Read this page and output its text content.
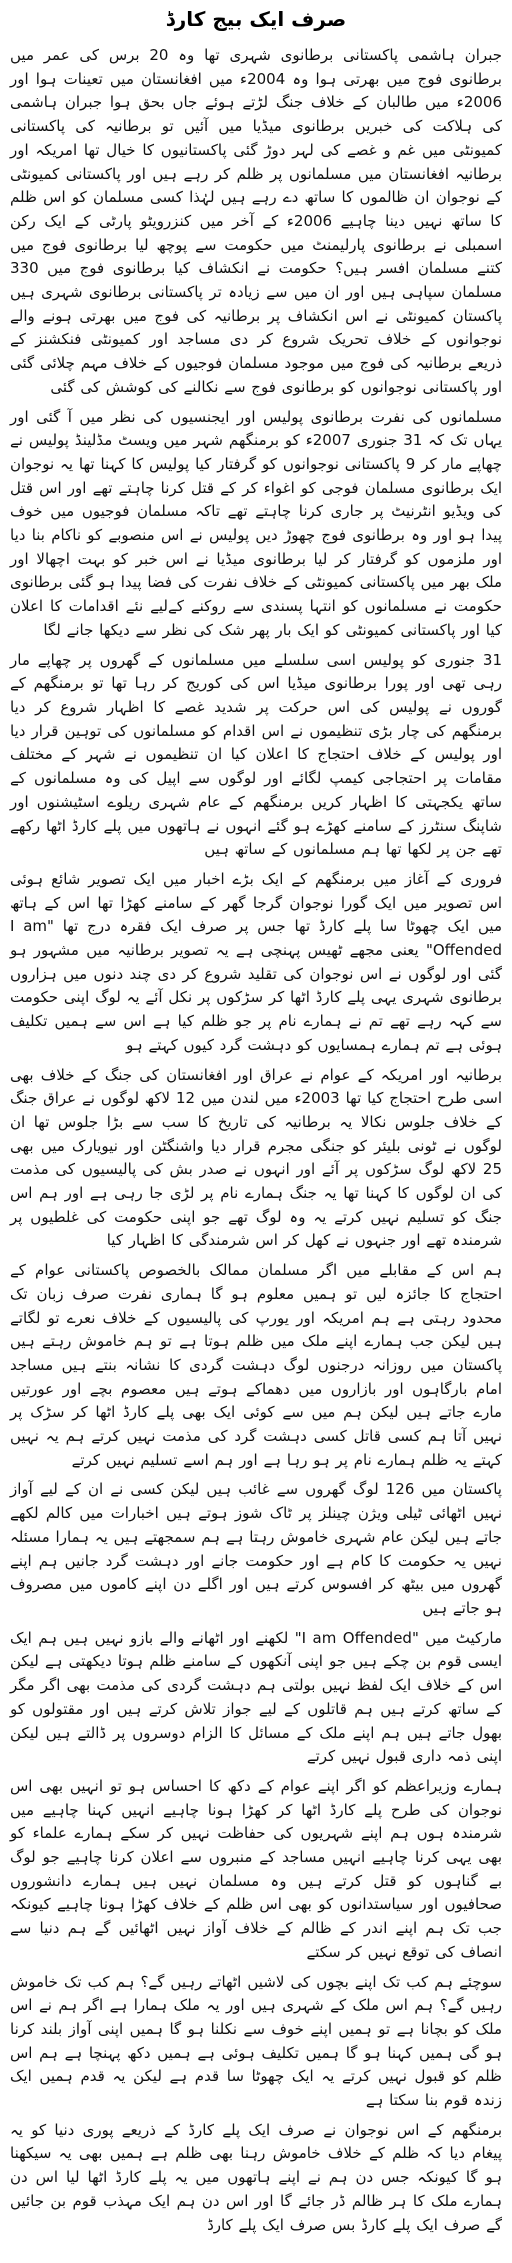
صرف ایک بیج کارڈ

جبران ہاشمی پاکستانی برطانوی شہری تھا وہ 20 برس کی عمر میں برطانوی فوج میں بھرتی ہوا وہ 2004ء میں افغانستان میں تعینات ہوا اور 2006ء میں طالبان کے خلاف جنگ لڑتے ہوئے جاں بحق ہوا جبران ہاشمی کی ہلاکت کی خبریں برطانوی میڈیا میں آئیں تو برطانیہ کی پاکستانی کمیونٹی میں غم و غصے کی لہر دوڑ گئی پاکستانیوں کا خیال تھا امریکہ اور برطانیہ افغانستان میں مسلمانوں پر ظلم کر رہے ہیں اور پاکستانی کمیونٹی کے نوجوان ان ظالموں کا ساتھ دے رہے ہیں لہٰذا کسی مسلمان کو اس ظلم کا ساتھ نہیں دینا چاہیے 2006ء کے آخر میں کنزرویٹو پارٹی کے ایک رکن اسمبلی نے برطانوی پارلیمنٹ میں حکومت سے پوچھ لیا برطانوی فوج میں کتنے مسلمان افسر ہیں؟ حکومت نے انکشاف کیا برطانوی فوج میں 330 مسلمان سپاہی ہیں اور ان میں سے زیادہ تر پاکستانی برطانوی شہری ہیں پاکستان کمیونٹی نے اس انکشاف پر برطانیہ کی فوج میں بھرتی ہونے والے نوجوانوں کے خلاف تحریک شروع کر دی مساجد اور کمیونٹی فنکشنز کے ذریعے برطانیہ کی فوج میں موجود مسلمان فوجیوں کے خلاف مہم چلائی گئی اور پاکستانی نوجوانوں کو برطانوی فوج سے نکالنے کی کوشش کی گئی

مسلمانوں کی نفرت برطانوی پولیس اور ایجنسیوں کی نظر میں آ گئی اور یہاں تک کہ 31 جنوری 2007ء کو برمنگھم شہر میں ویسٹ مڈلینڈ پولیس نے چھاپے مار کر 9 پاکستانی نوجوانوں کو گرفتار کیا پولیس کا کہنا تھا یہ نوجوان ایک برطانوی مسلمان فوجی کو اغواء کر کے قتل کرنا چاہتے تھے اور اس قتل کی ویڈیو انٹرنیٹ پر جاری کرنا چاہتے تھے تاکہ مسلمان فوجیوں میں خوف پیدا ہو اور وہ برطانوی فوج چھوڑ دیں پولیس نے اس منصوبے کو ناکام بنا دیا اور ملزموں کو گرفتار کر لیا برطانوی میڈیا نے اس خبر کو بہت اچھالا اور ملک بھر میں پاکستانی کمیونٹی کے خلاف نفرت کی فضا پیدا ہو گئی برطانوی حکومت نے مسلمانوں کو انتہا پسندی سے روکنے کےلیے نئے اقدامات کا اعلان کیا اور پاکستانی کمیونٹی کو ایک بار پھر شک کی نظر سے دیکھا جانے لگا

31 جنوری کو پولیس اسی سلسلے میں مسلمانوں کے گھروں پر چھاپے مار رہی تھی اور پورا برطانوی میڈیا اس کی کوریج کر رہا تھا تو برمنگھم کے گوروں نے پولیس کی اس حرکت پر شدید غصے کا اظہار شروع کر دیا برمنگھم کی چار بڑی تنظیموں نے اس اقدام کو مسلمانوں کی توہین قرار دیا اور پولیس کے خلاف احتجاج کا اعلان کیا ان تنظیموں نے شہر کے مختلف مقامات پر احتجاجی کیمپ لگائے اور لوگوں سے اپیل کی وہ مسلمانوں کے ساتھ یکجہتی کا اظہار کریں برمنگھم کے عام شہری ریلوے اسٹیشنوں اور شاپنگ سنٹرز کے سامنے کھڑے ہو گئے انہوں نے ہاتھوں میں پلے کارڈ اٹھا رکھے تھے جن پر لکھا تھا ہم مسلمانوں کے ساتھ ہیں

فروری کے آغاز میں برمنگھم کے ایک بڑے اخبار میں ایک تصویر شائع ہوئی اس تصویر میں ایک گورا نوجوان گرجا گھر کے سامنے کھڑا تھا اس کے ہاتھ میں ایک چھوٹا سا پلے کارڈ تھا جس پر صرف ایک فقرہ درج تھا "I am Offended" یعنی مجھے ٹھیس پہنچی ہے یہ تصویر برطانیہ میں مشہور ہو گئی اور لوگوں نے اس نوجوان کی تقلید شروع کر دی چند دنوں میں ہزاروں برطانوی شہری یہی پلے کارڈ اٹھا کر سڑکوں پر نکل آئے یہ لوگ اپنی حکومت سے کہہ رہے تھے تم نے ہمارے نام پر جو ظلم کیا ہے اس سے ہمیں تکلیف ہوئی ہے تم ہمارے ہمسایوں کو دہشت گرد کیوں کہتے ہو

برطانیہ اور امریکہ کے عوام نے عراق اور افغانستان کی جنگ کے خلاف بھی اسی طرح احتجاج کیا تھا 2003ء میں لندن میں 12 لاکھ لوگوں نے عراق جنگ کے خلاف جلوس نکالا یہ برطانیہ کی تاریخ کا سب سے بڑا جلوس تھا ان لوگوں نے ٹونی بلیئر کو جنگی مجرم قرار دیا واشنگٹن اور نیویارک میں بھی 25 لاکھ لوگ سڑکوں پر آئے اور انہوں نے صدر بش کی پالیسیوں کی مذمت کی ان لوگوں کا کہنا تھا یہ جنگ ہمارے نام پر لڑی جا رہی ہے اور ہم اس جنگ کو تسلیم نہیں کرتے یہ وہ لوگ تھے جو اپنی حکومت کی غلطیوں پر شرمندہ تھے اور جنہوں نے کھل کر اس شرمندگی کا اظہار کیا

ہم اس کے مقابلے میں اگر مسلمان ممالک بالخصوص پاکستانی عوام کے احتجاج کا جائزہ لیں تو ہمیں معلوم ہو گا ہماری نفرت صرف زبان تک محدود رہتی ہے ہم امریکہ اور یورپ کی پالیسیوں کے خلاف نعرے تو لگاتے ہیں لیکن جب ہمارے اپنے ملک میں ظلم ہوتا ہے تو ہم خاموش رہتے ہیں پاکستان میں روزانہ درجنوں لوگ دہشت گردی کا نشانہ بنتے ہیں مساجد امام بارگاہوں اور بازاروں میں دھماکے ہوتے ہیں معصوم بچے اور عورتیں مارے جاتے ہیں لیکن ہم میں سے کوئی ایک بھی پلے کارڈ اٹھا کر سڑک پر نہیں آتا ہم کسی قاتل کسی دہشت گرد کی مذمت نہیں کرتے ہم یہ نہیں کہتے یہ ظلم ہمارے نام پر ہو رہا ہے اور ہم اسے تسلیم نہیں کرتے

پاکستان میں 126 لوگ گھروں سے غائب ہیں لیکن کسی نے ان کے لیے آواز نہیں اٹھائی ٹیلی ویژن چینلز پر ٹاک شوز ہوتے ہیں اخبارات میں کالم لکھے جاتے ہیں لیکن عام شہری خاموش رہتا ہے ہم سمجھتے ہیں یہ ہمارا مسئلہ نہیں یہ حکومت کا کام ہے اور حکومت جانے اور دہشت گرد جانیں ہم اپنے گھروں میں بیٹھ کر افسوس کرتے ہیں اور اگلے دن اپنے کاموں میں مصروف ہو جاتے ہیں

مارکیٹ میں "I am Offended" لکھنے اور اٹھانے والے بازو نہیں ہیں ہم ایک ایسی قوم بن چکے ہیں جو اپنی آنکھوں کے سامنے ظلم ہوتا دیکھتی ہے لیکن اس کے خلاف ایک لفظ نہیں بولتی ہم دہشت گردی کی مذمت بھی اگر مگر کے ساتھ کرتے ہیں ہم قاتلوں کے لیے جواز تلاش کرتے ہیں اور مقتولوں کو بھول جاتے ہیں ہم اپنے ملک کے مسائل کا الزام دوسروں پر ڈالتے ہیں لیکن اپنی ذمہ داری قبول نہیں کرتے

ہمارے وزیراعظم کو اگر اپنے عوام کے دکھ کا احساس ہو تو انہیں بھی اس نوجوان کی طرح پلے کارڈ اٹھا کر کھڑا ہونا چاہیے انہیں کہنا چاہیے میں شرمندہ ہوں ہم اپنے شہریوں کی حفاظت نہیں کر سکے ہمارے علماء کو بھی یہی کرنا چاہیے انہیں مساجد کے منبروں سے اعلان کرنا چاہیے جو لوگ بے گناہوں کو قتل کرتے ہیں وہ مسلمان نہیں ہیں ہمارے دانشوروں صحافیوں اور سیاستدانوں کو بھی اس ظلم کے خلاف کھڑا ہونا چاہیے کیونکہ جب تک ہم اپنے اندر کے ظالم کے خلاف آواز نہیں اٹھائیں گے ہم دنیا سے انصاف کی توقع نہیں کر سکتے

سوچئے ہم کب تک اپنے بچوں کی لاشیں اٹھاتے رہیں گے؟ ہم کب تک خاموش رہیں گے؟ ہم اس ملک کے شہری ہیں اور یہ ملک ہمارا ہے اگر ہم نے اس ملک کو بچانا ہے تو ہمیں اپنے خوف سے نکلنا ہو گا ہمیں اپنی آواز بلند کرنا ہو گی ہمیں کہنا ہو گا ہمیں تکلیف ہوئی ہے ہمیں دکھ پہنچا ہے ہم اس ظلم کو قبول نہیں کرتے یہ ایک چھوٹا سا قدم ہے لیکن یہ قدم ہمیں ایک زندہ قوم بنا سکتا ہے

برمنگھم کے اس نوجوان نے صرف ایک پلے کارڈ کے ذریعے پوری دنیا کو یہ پیغام دیا کہ ظلم کے خلاف خاموش رہنا بھی ظلم ہے ہمیں بھی یہ سیکھنا ہو گا کیونکہ جس دن ہم نے اپنے ہاتھوں میں یہ پلے کارڈ اٹھا لیا اس دن ہمارے ملک کا ہر ظالم ڈر جائے گا اور اس دن ہم ایک مہذب قوم بن جائیں گے صرف ایک پلے کارڈ بس صرف ایک پلے کارڈ
